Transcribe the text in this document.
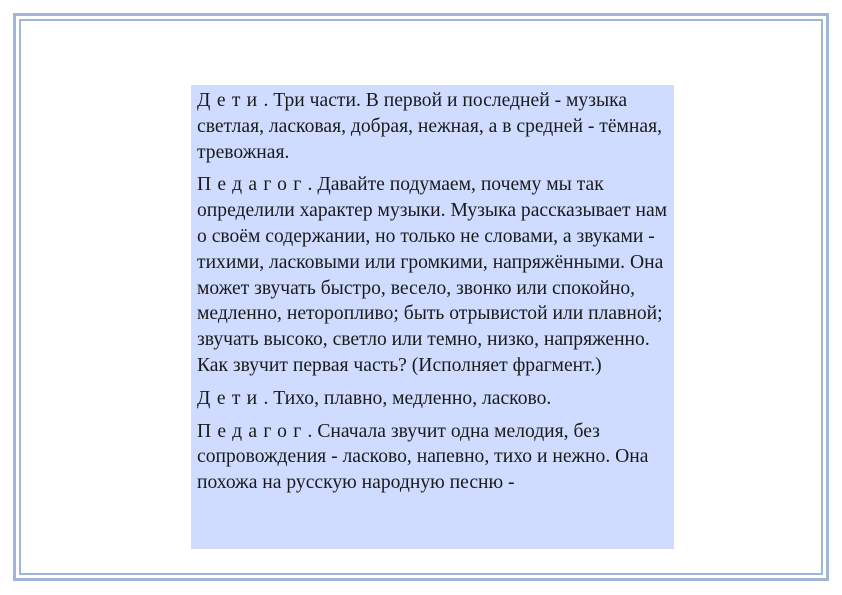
Дети. Три части. В первой и последней - музыка светлая, ласковая, добрая, нежная, а в средней - тёмная, тревожная.

Педагог. Давайте подумаем, почему мы так определили характер музыки. Музыка рассказывает нам о своём содержании, но только не словами, а звуками - тихими, ласковыми или громкими, напряжёнными. Она может звучать быстро, весело, звонко или спокойно, медленно, неторопливо; быть отрывистой или плавной; звучать высоко, светло или темно, низко, напряженно. Как звучит первая часть? (Исполняет фрагмент.)

Дети. Тихо, плавно, медленно, ласково.

Педагог. Сначала звучит одна мелодия, без сопровождения - ласково, напевно, тихо и нежно. Она похожа на русскую народную песню -
